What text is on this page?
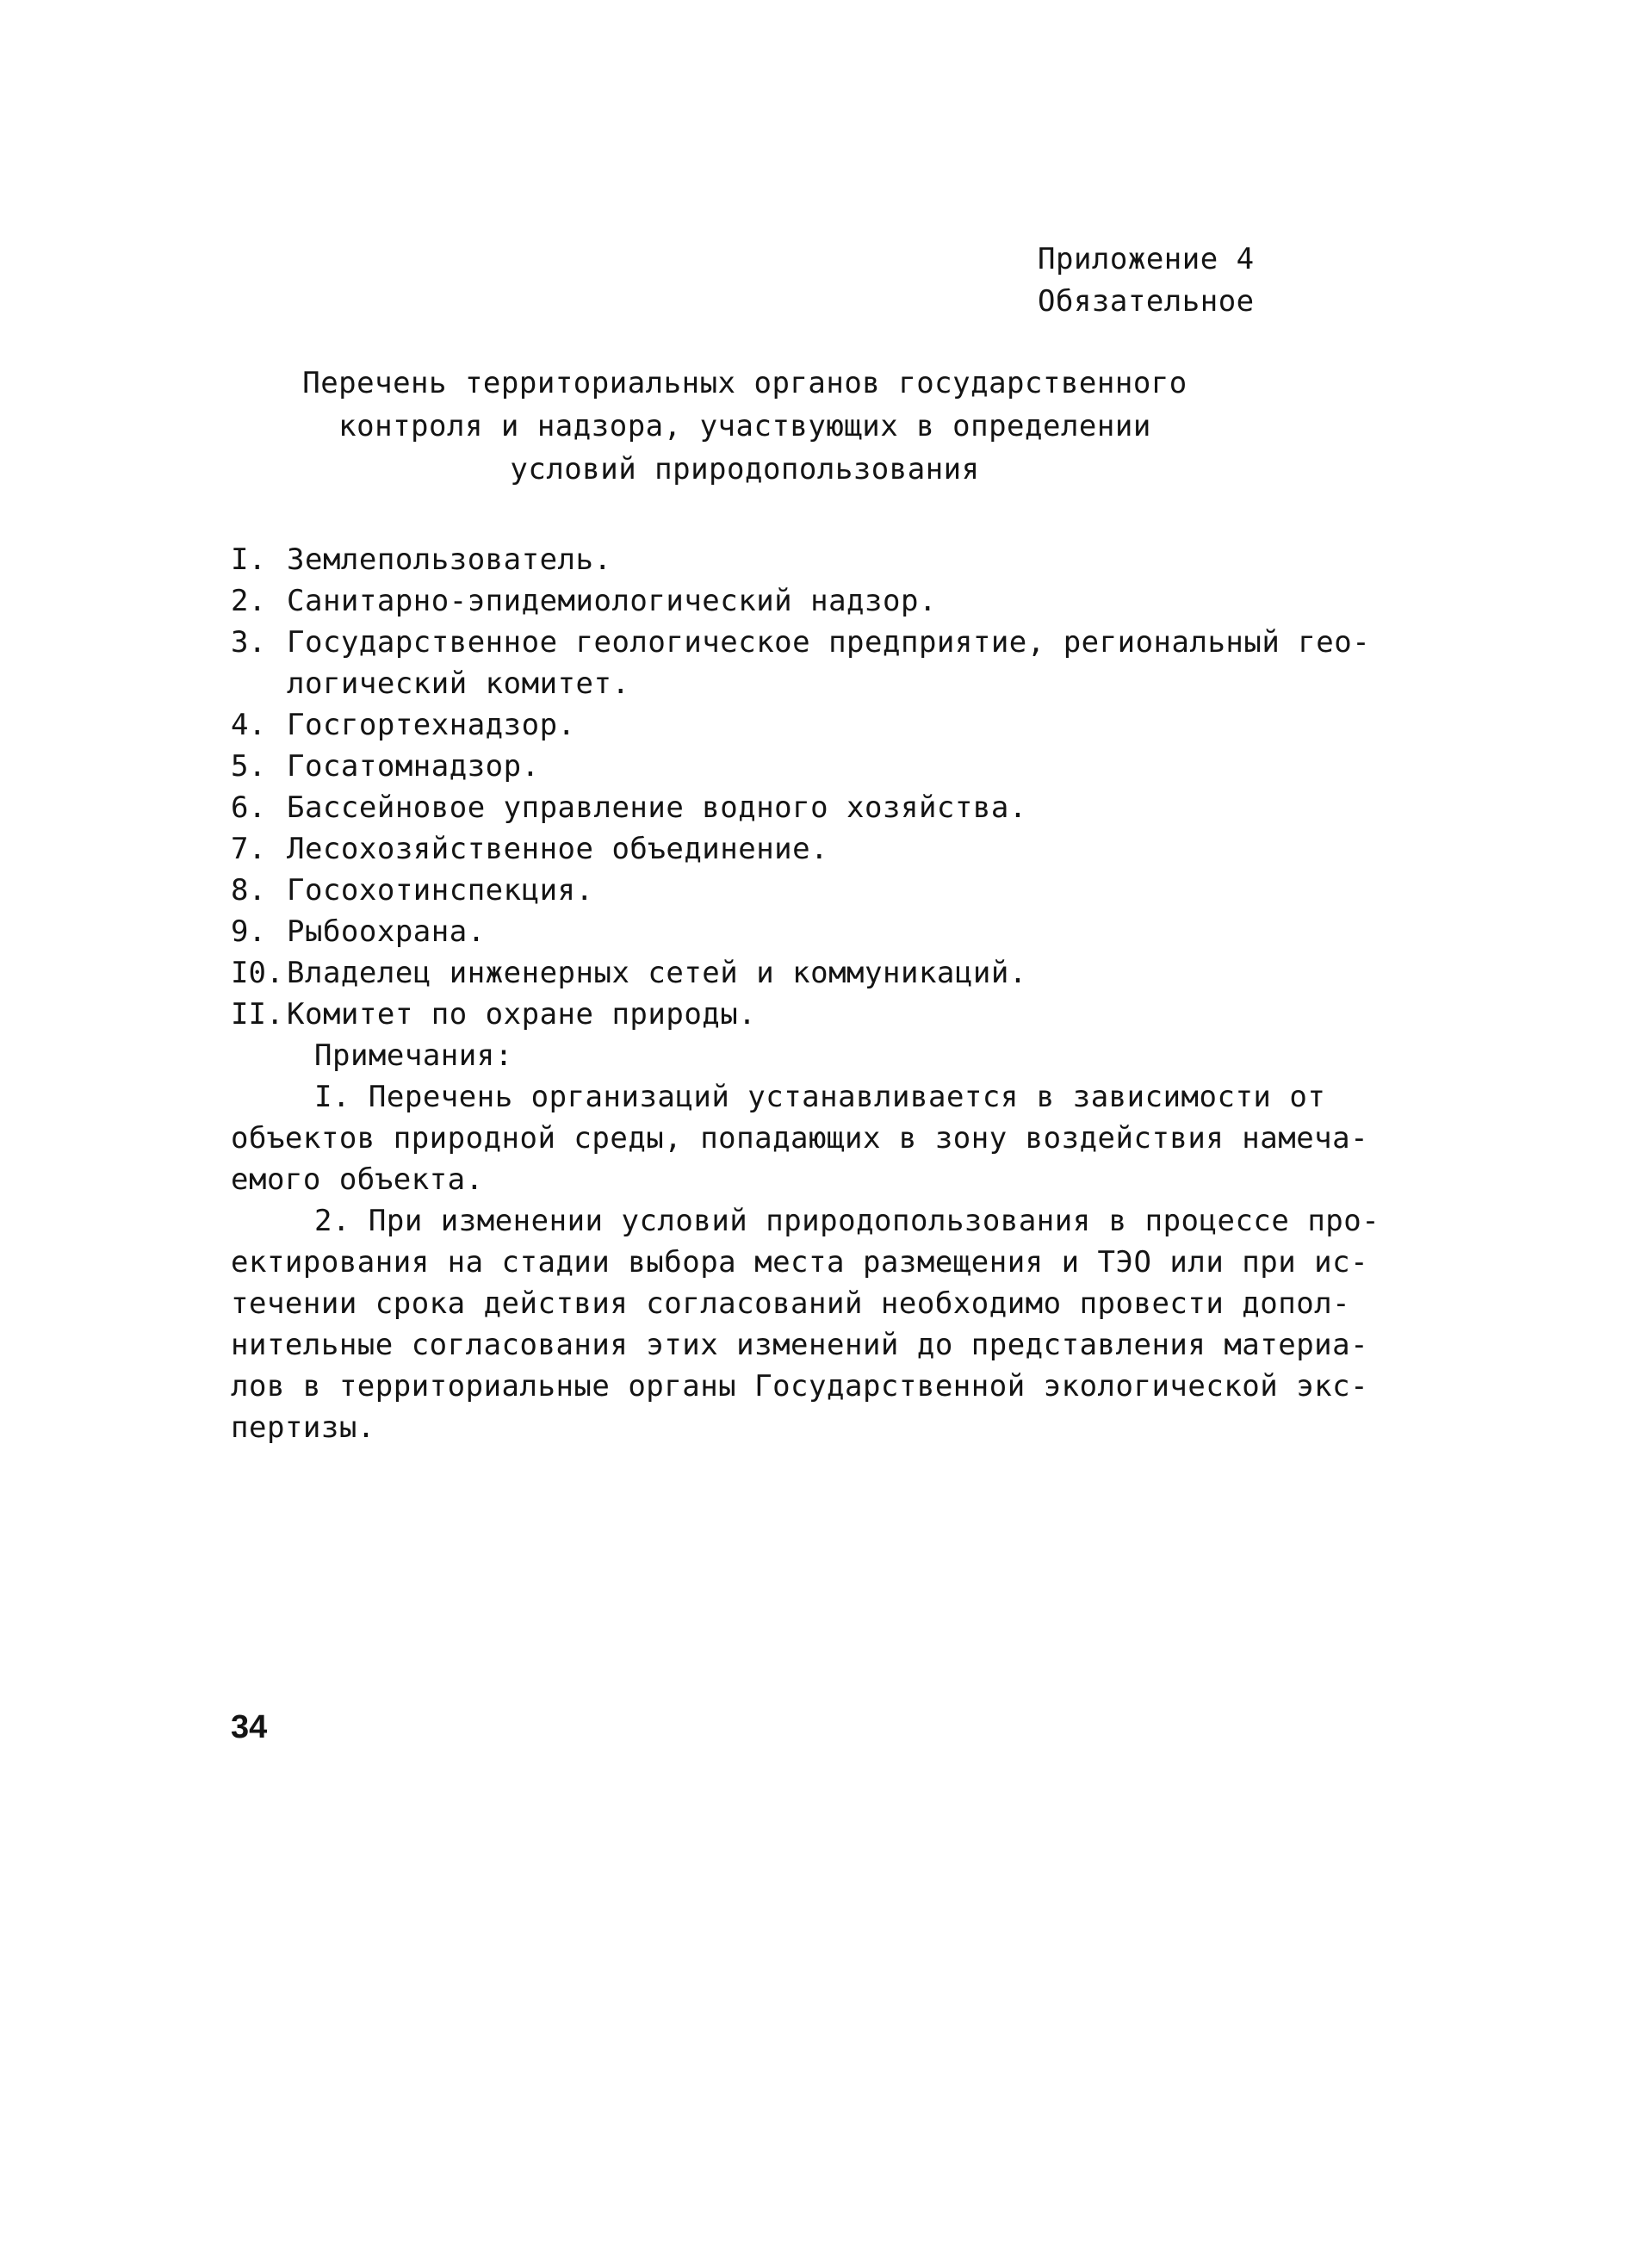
Приложение 4
Обязательное
Перечень территориальных органов государственного
контроля и надзора, участвующих в определении
условий природопользования
I. Землепользователь.
2. Санитарно-эпидемиологический надзор.
3. Государственное геологическое предприятие, региональный гео-
логический комитет.
4. Госгортехнадзор.
5. Госатомнадзор.
6. Бассейновое управление водного хозяйства.
7. Лесохозяйственное объединение.
8. Госохотинспекция.
9. Рыбоохрана.
I0. Владелец инженерных сетей и коммуникаций.
II. Комитет по охране природы.
Примечания:
I. Перечень организаций устанавливается в зависимости от
объектов природной среды, попадающих в зону воздействия намеча-
емого объекта.
2. При изменении условий природопользования в процессе про-
ектирования на стадии выбора места размещения и ТЭО или при ис-
течении срока действия согласований необходимо провести допол-
нительные согласования этих изменений до представления материа-
лов в территориальные органы Государственной экологической экс-
пертизы.
34
